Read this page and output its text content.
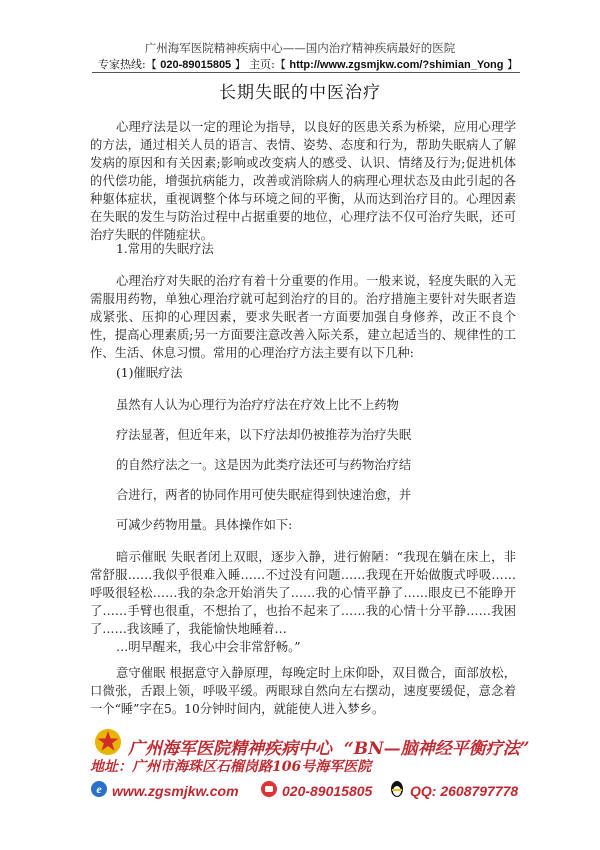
广州海军医院精神疾病中心——国内治疗精神疾病最好的医院
专家热线:【 020-89015805 】 主页:【 http://www.zgsmjkw.com/?shimian_Yong 】
长期失眠的中医治疗

心理疗法是以一定的理论为指导，以良好的医患关系为桥梁，应用心理学的方法，通过相关人员的语言、表情、姿势、态度和行为，帮助失眠病人了解发病的原因和有关因素;影响或改变病人的感受、认识、情绪及行为;促进机体的代偿功能，增强抗病能力，改善或消除病人的病理心理状态及由此引起的各种躯体症状，重视调整个体与环境之间的平衡，从而达到治疗目的。心理因素在失眠的发生与防治过程中占据重要的地位，心理疗法不仅可治疗失眠，还可治疗失眠的伴随症状。

1.常用的失眠疗法

心理治疗对失眠的治疗有着十分重要的作用。一般来说，轻度失眠的入无需服用药物，单独心理治疗就可起到治疗的目的。治疗措施主要针对失眠者造成紧张、压抑的心理因素，要求失眠者一方面要加强自身修养，改正不良个性，提高心理素质;另一方面要注意改善入际关系，建立起适当的、规律性的工作、生活、休息习惯。常用的心理治疗方法主要有以下几种:

(1)催眠疗法

虽然有人认为心理行为治疗疗法在疗效上比不上药物

疗法显著，但近年来，以下疗法却仍被推荐为治疗失眠

的自然疗法之一。这是因为此类疗法还可与药物治疗结

合进行，两者的协同作用可使失眠症得到快速治愈，并

可减少药物用量。具体操作如下:

暗示催眠 失眠者闭上双眼，逐步入静，进行俯陋：“我现在躺在床上，非常舒服……我似乎很难入睡……不过没有问题……我现在开始做腹式呼吸……呼吸很轻松……我的杂念开始消失了……我的心情平静了……眼皮已不能睁开了……手臂也很重，不想抬了，也抬不起来了……我的心情十分平静……我困了……我该睡了，我能愉快地睡着…

…明早醒来，我心中会非常舒畅。”

意守催眠 根据意守入静原理，每晚定时上床仰卧，双目微合，面部放松，口微张，舌跟上领，呼吸平缓。两眼球自然向左右摆动，速度要缓促，意念着一个“睡”字在5。10分钟时间内，就能使人进入梦乡。

广州海军医院精神疾病中心 “BN—脑神经平衡疗法”
地址：广州市海珠区石榴岗路106号海军医院
e www.zgsmjkw.com	020-89015805	QQ: 2608797778
